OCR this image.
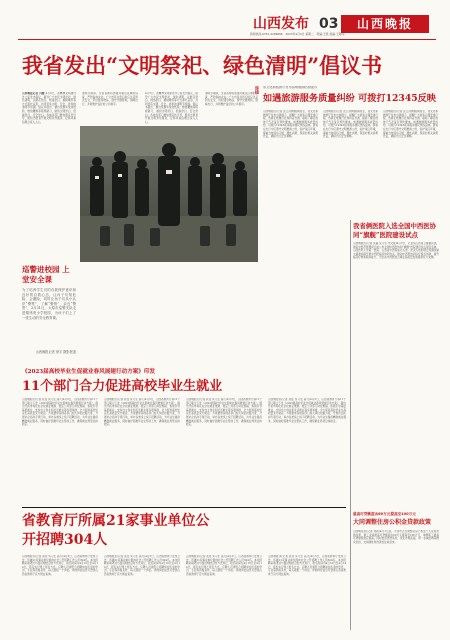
山西发布 03	山西晚报
新闻热线:0351-4286666 2023年4月4日 星期二 责编:王凯 美编:王陈明
我省发出“文明祭祀、绿色清明”倡议书
山西晚报记者 冯雁 4月3日，省精神文明建设办公室发出倡议，倡导广大市民文明祭祀、绿色清明，以鲜花祭扫、网络祭扫、植树缅怀等方式寄托哀思，共同营造文明、安全、祥和的清明节氛围。倡议书提出，要自觉摒弃焚烧纸钱、燃放鞭炮等陈规陋习，做到文明祭扫、低碳祭扫、安全祭扫。各地各部门要加强宣传引导，组织志愿者开展文明劝导服务，让移风易俗理念深入人心。
清明节期间，全省各地将加强对重点区域的巡查，严防森林火灾。广大市民在祭扫时应注意防火安全，带好随身物品，遵守交通规则，错峰出行，共同维护良好的公共秩序。
4月3日，省精神文明建设办公室发出倡议，倡导广大市民文明祭祀、绿色清明，以鲜花祭扫、网络祭扫、植树缅怀等方式寄托哀思，共同营造文明、安全、祥和的清明节氛围。倡议书提出，要自觉摒弃焚烧纸钱、燃放鞭炮等陈规陋习，做到文明祭扫、低碳祭扫、安全祭扫。各地各部门要加强宣传引导，组织志愿者开展文明劝导服务，让移风易俗理念深入人心。
清明节期间，全省各地将加强对重点区域的巡查，严防森林火灾。广大市民在祭扫时应注意防火安全，带好随身物品，遵守交通规则，错峰出行，共同维护良好的公共秩序。
巡警进校园 上堂安全课
为了培养学生们的自我保护意识和良好的自救心态，让孩子们知危险、会避险，同时让孩子们从小认识“警察”，了解“警察”，亲近“警察”，3月31日，太原市巡警支队走进锦绣苑小学校园，为孩子们上了一堂生动的安全教育课。
山西晚报记者 徐宇 摄影报道
连线 省文化和旅游厅发布清明假期出游提示
如遇旅游服务质量纠纷 可拨打12345反映
山西晚报讯(记者 张云)清明假期将至，省文化和旅游厅发布出游提示，提醒广大游客合理安排行程，选择正规旅行社和持证导游，提前了解目的地天气及景区预约要求。如遇旅游服务质量纠纷，可拨打12345政务服务便民热线反映。游客在出行中应遵守文明旅游公约，爱护景区环境，尊重当地风俗习惯，理性消费，保留好相关消费凭证，确保出行安全顺畅。
山西晚报讯(记者 张云)清明假期将至，省文化和旅游厅发布出游提示，提醒广大游客合理安排行程，选择正规旅行社和持证导游，提前了解目的地天气及景区预约要求。如遇旅游服务质量纠纷，可拨打12345政务服务便民热线反映。游客在出行中应遵守文明旅游公约，爱护景区环境，尊重当地风俗习惯，理性消费，保留好相关消费凭证，确保出行安全顺畅。
山西晚报讯(记者 张云)清明假期将至，省文化和旅游厅发布出游提示，提醒广大游客合理安排行程，选择正规旅行社和持证导游，提前了解目的地天气及景区预约要求。如遇旅游服务质量纠纷，可拨打12345政务服务便民热线反映。游客在出行中应遵守文明旅游公约，爱护景区环境，尊重当地风俗习惯，理性消费，保留好相关消费凭证，确保出行安全顺畅。
我省俩医院入选全国中西医协同“旗舰”医院建设试点
山西晚报讯(记者 张磊 实习生 代文森)4月3日，记者从山西省卫健委获悉，国家中医药管理局日前公布全国中西医协同“旗舰”医院建设试点项目名单，山西医科大学第一医院、山西省中医院成功入选。此次入选的项目将围绕重大疑难疾病开展中西医临床协同攻关，推动中西医协同诊疗模式创新，提升临床疗效和服务能力，为全省中西医结合事业高质量发展提供有力支撑。
《2023届高校毕业生促就业春风展翅行动方案》印发
11个部门合力促进高校毕业生就业
山西晚报讯(记者 武佳 实习生 高凡)4月3日，山西省教育厅等11个部门联合下发《2023届高校毕业生促就业春风展翅行动方案》，提出开拓市场化社会化就业渠道、稳定公共部门岗位规模、积极引导基层就业、支持自主创业和灵活就业等多项举措，全力促进高校毕业生高质量充分就业。方案要求各地各部门加大岗位挖掘力度，开展访企拓岗专项行动，举办各类线上线下招聘活动，为毕业生提供精准就业服务，同时做好困难毕业生帮扶工作，确保就业局势总体稳定。
山西晚报讯(记者 武佳 实习生 高凡)4月3日，山西省教育厅等11个部门联合下发《2023届高校毕业生促就业春风展翅行动方案》，提出开拓市场化社会化就业渠道、稳定公共部门岗位规模、积极引导基层就业、支持自主创业和灵活就业等多项举措，全力促进高校毕业生高质量充分就业。方案要求各地各部门加大岗位挖掘力度，开展访企拓岗专项行动，举办各类线上线下招聘活动，为毕业生提供精准就业服务，同时做好困难毕业生帮扶工作，确保就业局势总体稳定。
山西晚报讯(记者 武佳 实习生 高凡)4月3日，山西省教育厅等11个部门联合下发《2023届高校毕业生促就业春风展翅行动方案》，提出开拓市场化社会化就业渠道、稳定公共部门岗位规模、积极引导基层就业、支持自主创业和灵活就业等多项举措，全力促进高校毕业生高质量充分就业。方案要求各地各部门加大岗位挖掘力度，开展访企拓岗专项行动，举办各类线上线下招聘活动，为毕业生提供精准就业服务，同时做好困难毕业生帮扶工作，确保就业局势总体稳定。
山西晚报讯(记者 武佳 实习生 高凡)4月3日，山西省教育厅等11个部门联合下发《2023届高校毕业生促就业春风展翅行动方案》，提出开拓市场化社会化就业渠道、稳定公共部门岗位规模、积极引导基层就业、支持自主创业和灵活就业等多项举措，全力促进高校毕业生高质量充分就业。方案要求各地各部门加大岗位挖掘力度，开展访企拓岗专项行动，举办各类线上线下招聘活动，为毕业生提供精准就业服务，同时做好困难毕业生帮扶工作，确保就业局势总体稳定。
省教育厅所属21家事业单位公开招聘304人
山西晚报讯(记者 武佳 实习生 高凡)4月3日，山西省教育厅发布公告，所属21家事业单位面向社会公开招聘工作人员304名。本次招聘采取笔试与面试相结合的方式进行，报名时间为4月10日至4月14日，报名实行网上报名方式。应聘人员须符合招聘岗位所需的学历、专业等资格条件，每人限报一个岗位。详细岗位信息可登录山西省教育厅官方网站查询。
山西晚报讯(记者 武佳 实习生 高凡)4月3日，山西省教育厅发布公告，所属21家事业单位面向社会公开招聘工作人员304名。本次招聘采取笔试与面试相结合的方式进行，报名时间为4月10日至4月14日，报名实行网上报名方式。应聘人员须符合招聘岗位所需的学历、专业等资格条件，每人限报一个岗位。详细岗位信息可登录山西省教育厅官方网站查询。
山西晚报讯(记者 武佳 实习生 高凡)4月3日，山西省教育厅发布公告，所属21家事业单位面向社会公开招聘工作人员304名。本次招聘采取笔试与面试相结合的方式进行，报名时间为4月10日至4月14日，报名实行网上报名方式。应聘人员须符合招聘岗位所需的学历、专业等资格条件，每人限报一个岗位。详细岗位信息可登录山西省教育厅官方网站查询。
山西晚报讯(记者 武佳 实习生 高凡)4月3日，山西省教育厅发布公告，所属21家事业单位面向社会公开招聘工作人员304名。本次招聘采取笔试与面试相结合的方式进行，报名时间为4月10日至4月14日，报名实行网上报名方式。应聘人员须符合招聘岗位所需的学历、专业等资格条件，每人限报一个岗位。详细岗位信息可登录山西省教育厅官方网站查询。
最高可贷额度由60万元提高至100万元
大同调整住房公积金贷款政策
山西晚报讯(记者 刘新)4月1日起，大同市正式调整住房公积金个人住房贷款政策，职工家庭最高可贷额度由60万元提高至100万元，单缴职工最高可贷额度相应提高。同时放宽贷款条件，优化办理流程，进一步减轻购房群众负担，支持刚性和改善性住房需求。
